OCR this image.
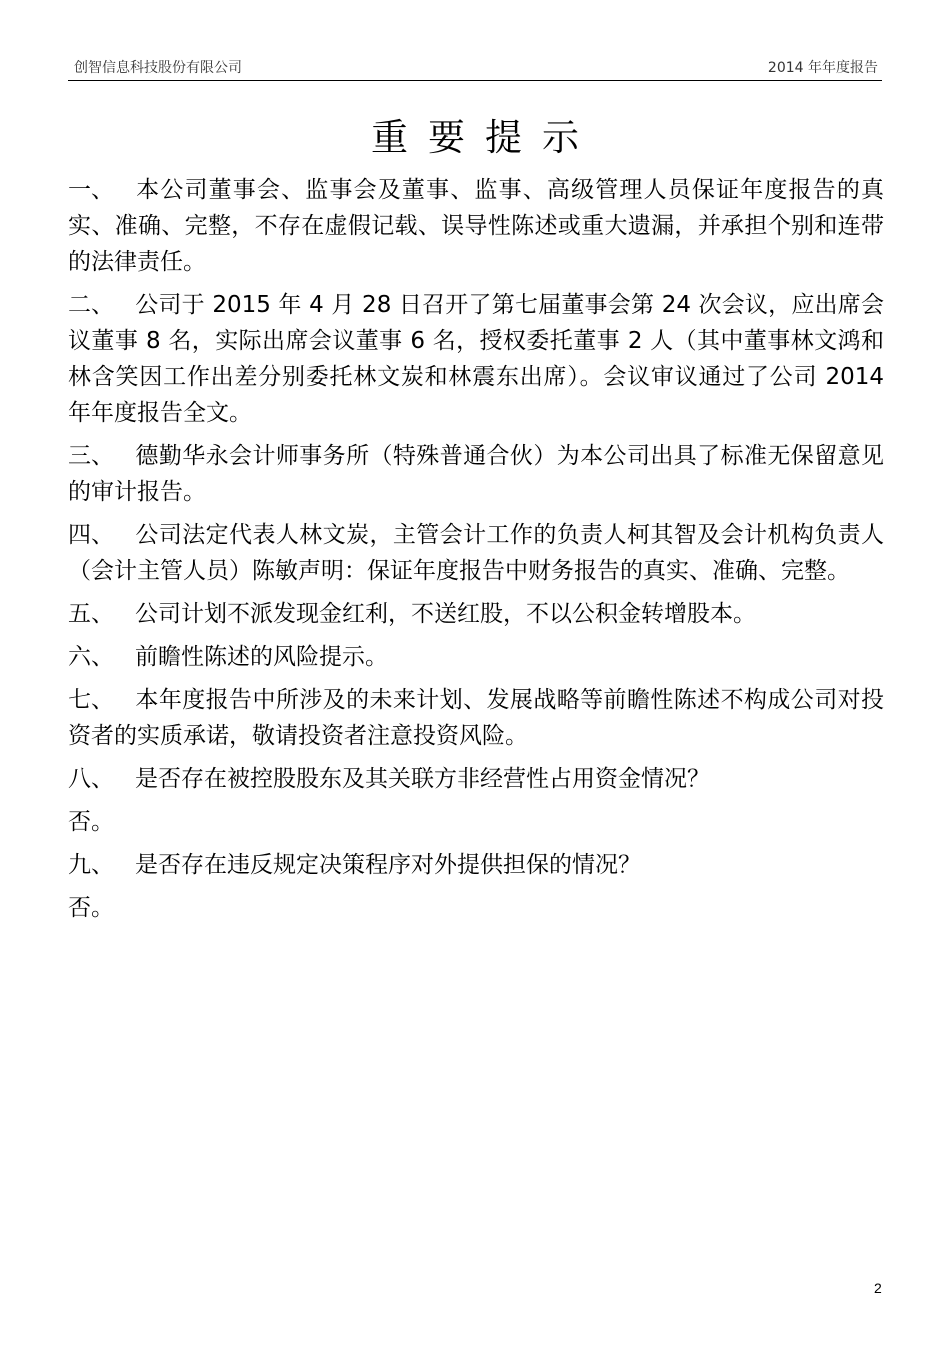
创智信息科技股份有限公司	2014 年年度报告
重要提示

一、 本公司董事会、监事会及董事、监事、高级管理人员保证年度报告的真实、准确、完整，不存在虚假记载、误导性陈述或重大遗漏，并承担个别和连带的法律责任。

二、 公司于 2015 年 4 月 28 日召开了第七届董事会第 24 次会议，应出席会议董事 8 名，实际出席会议董事 6 名，授权委托董事 2 人（其中董事林文鸿和林含笑因工作出差分别委托林文炭和林震东出席）。会议审议通过了公司 2014 年年度报告全文。

三、 德勤华永会计师事务所（特殊普通合伙）为本公司出具了标准无保留意见的审计报告。

四、 公司法定代表人林文炭，主管会计工作的负责人柯其智及会计机构负责人（会计主管人员）陈敏声明：保证年度报告中财务报告的真实、准确、完整。

五、 公司计划不派发现金红利，不送红股，不以公积金转增股本。

六、 前瞻性陈述的风险提示。

七、 本年度报告中所涉及的未来计划、发展战略等前瞻性陈述不构成公司对投资者的实质承诺，敬请投资者注意投资风险。

八、 是否存在被控股股东及其关联方非经营性占用资金情况？

否。

九、 是否存在违反规定决策程序对外提供担保的情况？

否。

2
